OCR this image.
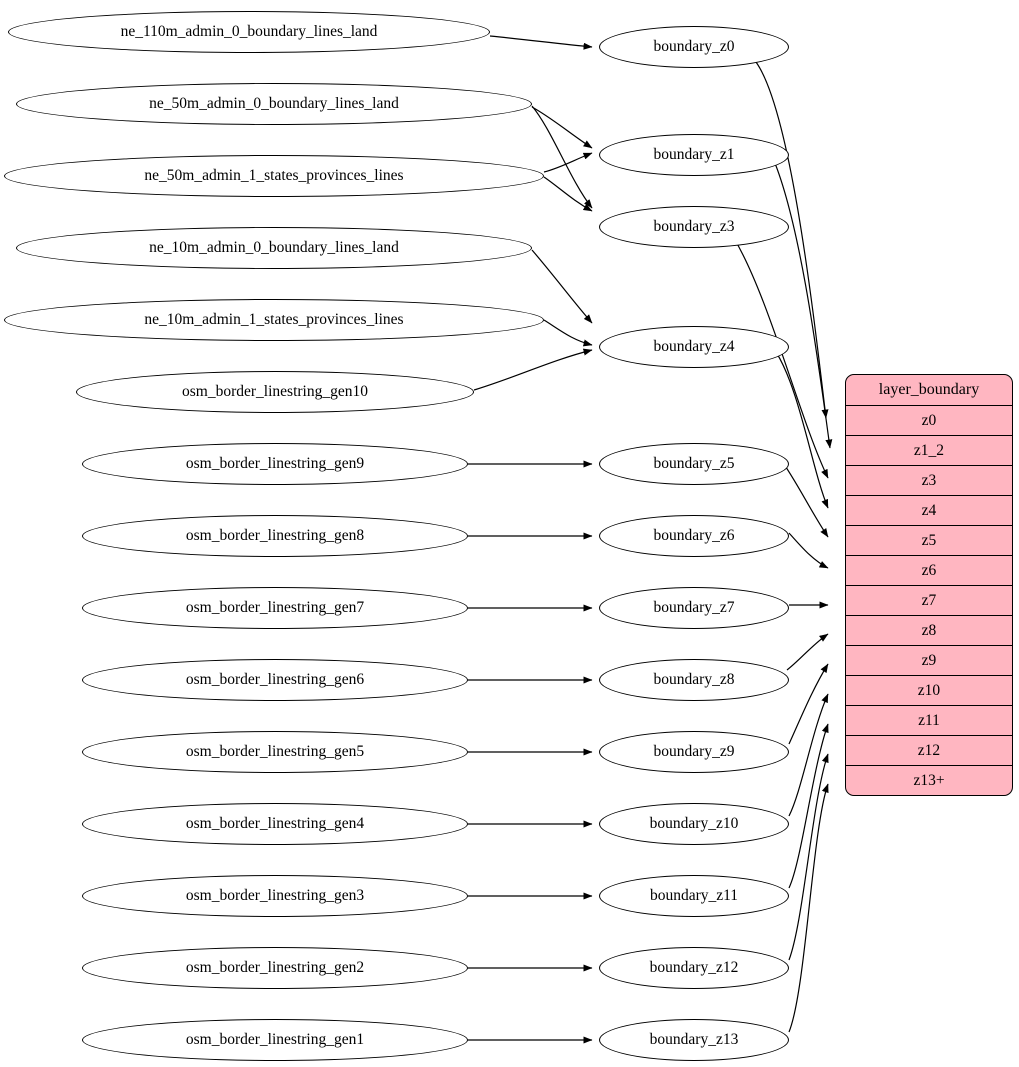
ne_110m_admin_0_boundary_lines_land
ne_50m_admin_0_boundary_lines_land
ne_50m_admin_1_states_provinces_lines
ne_10m_admin_0_boundary_lines_land
ne_10m_admin_1_states_provinces_lines
osm_border_linestring_gen10
osm_border_linestring_gen9
osm_border_linestring_gen8
osm_border_linestring_gen7
osm_border_linestring_gen6
osm_border_linestring_gen5
osm_border_linestring_gen4
osm_border_linestring_gen3
osm_border_linestring_gen2
osm_border_linestring_gen1
boundary_z0
boundary_z1
boundary_z3
boundary_z4
boundary_z5
boundary_z6
boundary_z7
boundary_z8
boundary_z9
boundary_z10
boundary_z11
boundary_z12
boundary_z13
layer_boundary
z0
z1_2
z3
z4
z5
z6
z7
z8
z9
z10
z11
z12
z13+
